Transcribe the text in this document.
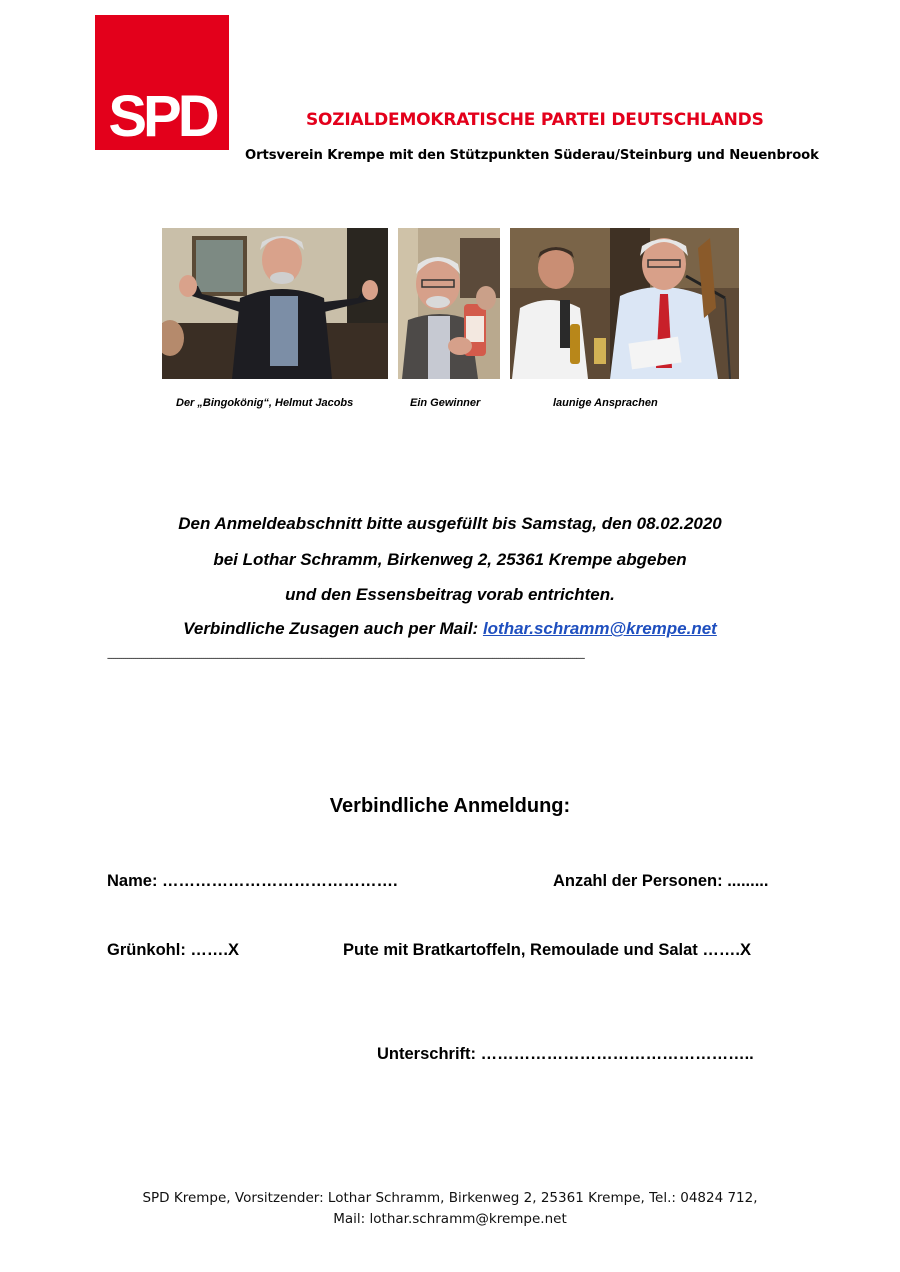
SPD	SOZIALDEMOKRATISCHE PARTEI DEUTSCHLANDS
Ortsverein Krempe mit den Stützpunkten Süderau/Steinburg und Neuenbrook
Der „Bingokönig“, Helmut Jacobs	Ein Gewinner	launige Ansprachen
Den Anmeldeabschnitt bitte ausgefüllt bis Samstag, den 08.02.2020
bei Lothar Schramm, Birkenweg 2, 25361 Krempe abgeben
und den Essensbeitrag vorab entrichten.
Verbindliche Zusagen auch per Mail: lothar.schramm@krempe.net
-----------------------------------------------------------------------------------------------------------------------------------------------------------------------------------------------------------------------------------------------
Verbindliche Anmeldung:
Name: …………………………………….	Anzahl der Personen: .........
Grünkohl: …….X	Pute mit Bratkartoffeln, Remoulade und Salat …….X
Unterschrift: …………………………………………..
SPD Krempe, Vorsitzender: Lothar Schramm, Birkenweg 2, 25361 Krempe, Tel.: 04824 712,
Mail: lothar.schramm@krempe.net
